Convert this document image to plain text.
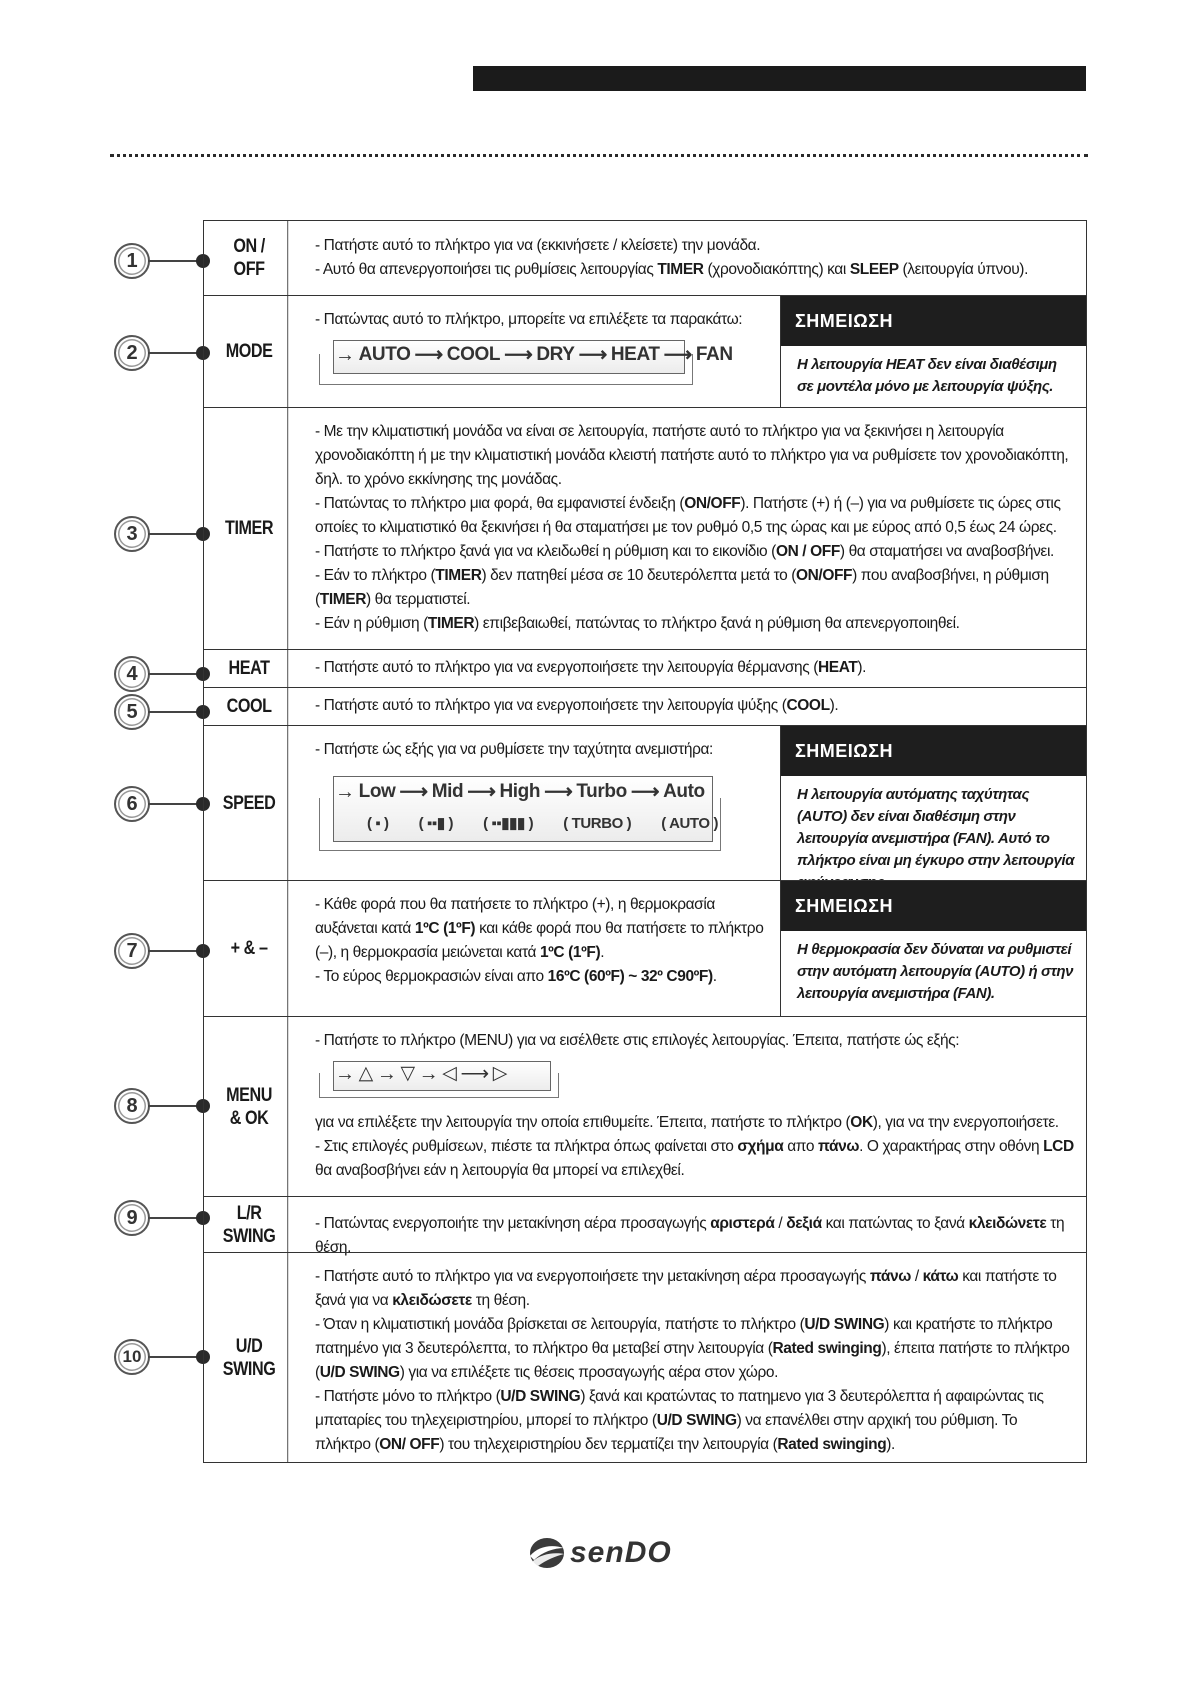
1
2
3
4
5
6
7
8
9
10
ON /
OFF

- Πατήστε αυτό το πλήκτρο για να (εκκινήσετε / κλείσετε) την μονάδα.

- Αυτό θα απενεργοποιήσει τις ρυθμίσεις λειτουργίας TIMER (χρονοδιακόπτης) και SLEEP (λειτουργία ύπνου).

MODE

- Πατώντας αυτό το πλήκτρο, μπορείτε να επιλέξετε τα παρακάτω:

→ AUTO ⟶ COOL ⟶ DRY ⟶ HEAT ⟶ FAN
ΣΗΜΕΙΩΣΗ
Η λειτουργία HEAT δεν είναι διαθέσιμη σε μοντέλα μόνο με λειτουργία ψύξης.
TIMER

- Με την κλιματιστική μονάδα να είναι σε λειτουργία, πατήστε αυτό το πλήκτρο για να ξεκινήσει η λειτουργία χρονοδιακόπτη ή με την κλιματιστική μονάδα κλειστή πατήστε αυτό το πλήκτρο για να ρυθμίσετε τον χρονοδιακόπτη, δηλ. το χρόνο εκκίνησης της μονάδας.

- Πατώντας το πλήκτρο μια φορά, θα εμφανιστεί ένδειξη (ON/OFF). Πατήστε (+) ή (–) για να ρυθμίσετε τις ώρες στις οποίες το κλιματιστικό θα ξεκινήσει ή θα σταματήσει με τον ρυθμό 0,5 της ώρας και με εύρος από 0,5 έως 24 ώρες.

- Πατήστε το πλήκτρο ξανά για να κλειδωθεί η ρύθμιση και το εικονίδιο (ON / OFF) θα σταματήσει να αναβοσβήνει.

- Εάν το πλήκτρο (TIMER) δεν πατηθεί μέσα σε 10 δευτερόλεπτα μετά το (ON/OFF) που αναβοσβήνει, η ρύθμιση (TIMER) θα τερματιστεί.

- Εάν η ρύθμιση (TIMER) επιβεβαιωθεί, πατώντας το πλήκτρο ξανά η ρύθμιση θα απενεργοποιηθεί.

HEAT	- Πατήστε αυτό το πλήκτρο για να ενεργοποιήσετε την λειτουργία θέρμανσης (HEAT).

COOL	- Πατήστε αυτό το πλήκτρο για να ενεργοποιήσετε την λειτουργία ψύξης (COOL).

SPEED

- Πατήστε ώς εξής για να ρυθμίσετε την ταχύτητα ανεμιστήρα:

→ Low ⟶ Mid ⟶ High ⟶ Turbo ⟶ Auto
( ▪ ) ( ▪▪▮ ) ( ▪▪▮▮▮ ) ( TURBO ) ( AUTO )
ΣΗΜΕΙΩΣΗ
Η λειτουργία αυτόματης ταχύτητας (AUTO) δεν είναι διαθέσιμη στην λειτουργία ανεμιστήρα (FAN). Αυτό το πλήκτρο είναι μη έγκυρο στην λειτουργία
+ & –

- Κάθε φορά που θα πατήσετε το πλήκτρο (+), η θερμοκρασία αυξάνεται κατά 1ºC (1ºF) και κάθε φορά που θα πατήσετε το πλήκτρο (–), η θερμοκρασία μειώνεται κατά 1ºC (1ºF).

- Το εύρος θερμοκρασιών είναι απο 16ºC (60ºF) ~ 32º C90ºF).

ΣΗΜΕΙΩΣΗ
Η θερμοκρασία δεν δύναται να ρυθμιστεί στην αυτόματη λειτουργία (AUTO) ή στην λειτουργία ανεμιστήρα (FAN).
MENU
& OK

- Πατήστε το πλήκτρο (MENU) για να εισέλθετε στις επιλογές λειτουργίας. Έπειτα, πατήστε ώς εξής:

→ △ → ▽ → ◁ ⟶ ▷

για να επιλέξετε την λειτουργία την οποία επιθυμείτε. Έπειτα, πατήστε το πλήκτρο (OK), για να την ενεργοποιήσετε.

- Στις επιλογές ρυθμίσεων, πιέστε τα πλήκτρα όπως φαίνεται στο σχήμα απο πάνω. Ο χαρακτήρας στην οθόνη LCD θα αναβοσβήνει εάν η λειτουργία θα μπορεί να επιλεχθεί.

L/R
SWING

- Πατώντας ενεργοποιήτε την μετακίνηση αέρα προσαγωγής αριστερά / δεξιά και πατώντας το ξανά κλειδώνετε τη θέση.

U/D
SWING

- Πατήστε αυτό το πλήκτρο για να ενεργοποιήσετε την μετακίνηση αέρα προσαγωγής πάνω / κάτω και πατήστε το ξανά για να κλειδώσετε τη θέση.

- Όταν η κλιματιστική μονάδα βρίσκεται σε λειτουργία, πατήστε το πλήκτρο (U/D SWING) και κρατήστε το πλήκτρο πατημένο για 3 δευτερόλεπτα, το πλήκτρο θα μεταβεί στην λειτουργία (Rated swinging), έπειτα πατήστε το πλήκτρο (U/D SWING) για να επιλέξετε τις θέσεις προσαγωγής αέρα στον χώρο.

- Πατήστε μόνο το πλήκτρο (U/D SWING) ξανά και κρατώντας το πατημενο για 3 δευτερόλεπτα ή αφαιρώντας τις μπαταρίες του τηλεχειριστηρίου, μπορεί το πλήκτρο (U/D SWING) να επανέλθει στην αρχική του ρύθμιση. Το πλήκτρο (ON/ OFF) του τηλεχειριστηρίου δεν τερματίζει την λειτουργία (Rated swinging).

senDO
